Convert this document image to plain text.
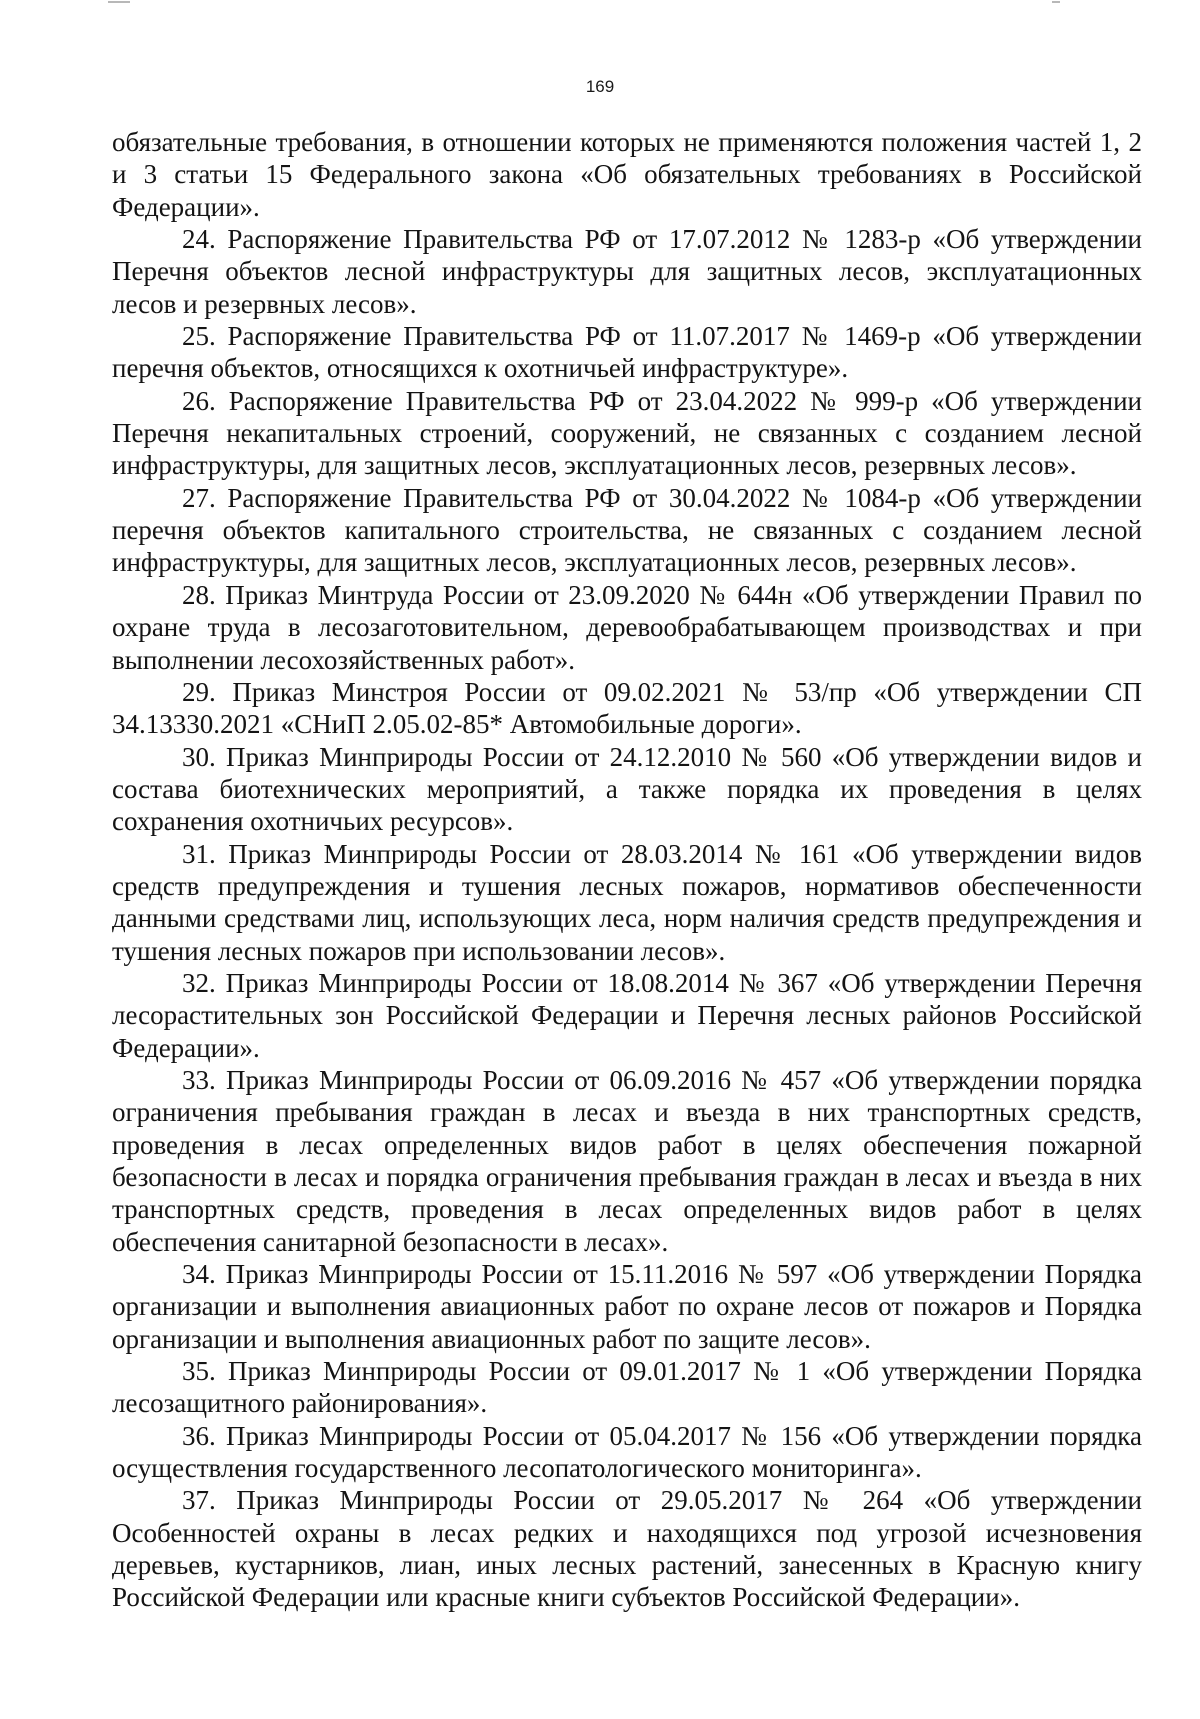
169

обязательные требования, в отношении которых не применяются положения частей 1, 2 и 3 статьи 15 Федерального закона «Об обязательных требованиях в Российской Федерации».

24. Распоряжение Правительства РФ от 17.07.2012 № 1283-р «Об утверждении Перечня объектов лесной инфраструктуры для защитных лесов, эксплуатационных лесов и резервных лесов».

25. Распоряжение Правительства РФ от 11.07.2017 № 1469-р «Об утверждении перечня объектов, относящихся к охотничьей инфраструктуре».

26. Распоряжение Правительства РФ от 23.04.2022 № 999-р «Об утверждении Перечня некапитальных строений, сооружений, не связанных с созданием лесной инфраструктуры, для защитных лесов, эксплуатационных лесов, резервных лесов».

27. Распоряжение Правительства РФ от 30.04.2022 № 1084-р «Об утверждении перечня объектов капитального строительства, не связанных с созданием лесной инфраструктуры, для защитных лесов, эксплуатационных лесов, резервных лесов».

28. Приказ Минтруда России от 23.09.2020 № 644н «Об утверждении Правил по охране труда в лесозаготовительном, деревообрабатывающем производствах и при выполнении лесохозяйственных работ».

29. Приказ Минстроя России от 09.02.2021 № 53/пр «Об утверждении СП 34.13330.2021 «СНиП 2.05.02-85* Автомобильные дороги».

30. Приказ Минприроды России от 24.12.2010 № 560 «Об утверждении видов и состава биотехнических мероприятий, а также порядка их проведения в целях сохранения охотничьих ресурсов».

31. Приказ Минприроды России от 28.03.2014 № 161 «Об утверждении видов средств предупреждения и тушения лесных пожаров, нормативов обеспеченности данными средствами лиц, использующих леса, норм наличия средств предупреждения и тушения лесных пожаров при использовании лесов».

32. Приказ Минприроды России от 18.08.2014 № 367 «Об утверждении Перечня лесорастительных зон Российской Федерации и Перечня лесных районов Российской Федерации».

33. Приказ Минприроды России от 06.09.2016 № 457 «Об утверждении порядка ограничения пребывания граждан в лесах и въезда в них транспортных средств, проведения в лесах определенных видов работ в целях обеспечения пожарной безопасности в лесах и порядка ограничения пребывания граждан в лесах и въезда в них транспортных средств, проведения в лесах определенных видов работ в целях обеспечения санитарной безопасности в лесах».

34. Приказ Минприроды России от 15.11.2016 № 597 «Об утверждении Порядка организации и выполнения авиационных работ по охране лесов от пожаров и Порядка организации и выполнения авиационных работ по защите лесов».

35. Приказ Минприроды России от 09.01.2017 № 1 «Об утверждении Порядка лесозащитного районирования».

36. Приказ Минприроды России от 05.04.2017 № 156 «Об утверждении порядка осуществления государственного лесопатологического мониторинга».

37. Приказ Минприроды России от 29.05.2017 № 264 «Об утверждении Особенностей охраны в лесах редких и находящихся под угрозой исчезновения деревьев, кустарников, лиан, иных лесных растений, занесенных в Красную книгу Российской Федерации или красные книги субъектов Российской Федерации».
